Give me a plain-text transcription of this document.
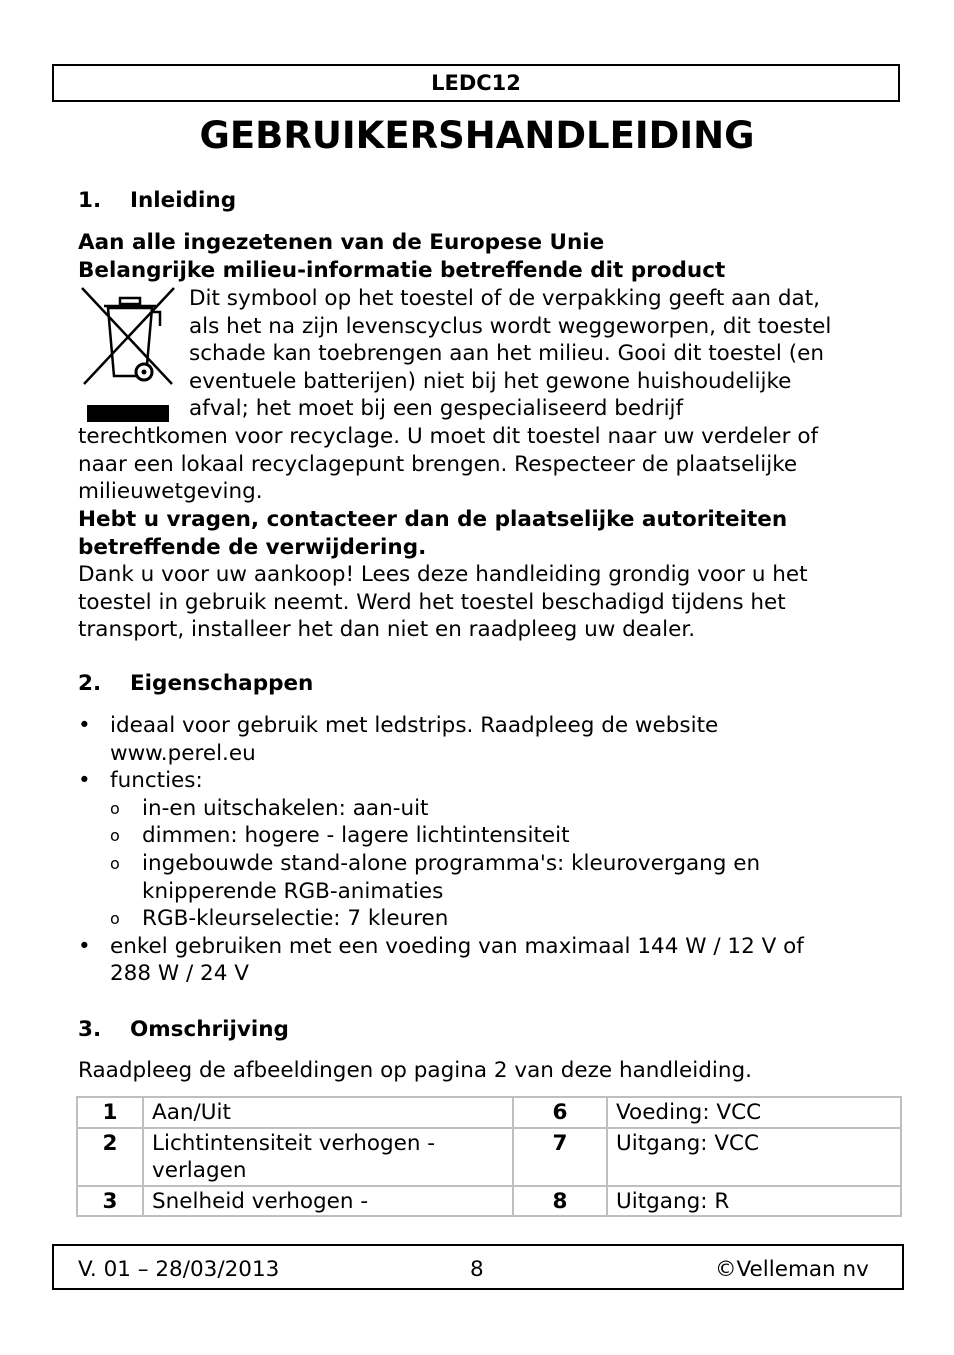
LEDC12
GEBRUIKERSHANDLEIDING
1. Inleiding
Aan alle ingezetenen van de Europese Unie
Belangrijke milieu-informatie betreffende dit product
Dit symbool op het toestel of de verpakking geeft aan dat,
als het na zijn levenscyclus wordt weggeworpen, dit toestel
schade kan toebrengen aan het milieu. Gooi dit toestel (en
eventuele batterijen) niet bij het gewone huishoudelijke
afval; het moet bij een gespecialiseerd bedrijf
terechtkomen voor recyclage. U moet dit toestel naar uw verdeler of
naar een lokaal recyclagepunt brengen. Respecteer de plaatselijke
milieuwetgeving.
Hebt u vragen, contacteer dan de plaatselijke autoriteiten
betreffende de verwijdering.
Dank u voor uw aankoop! Lees deze handleiding grondig voor u het
toestel in gebruik neemt. Werd het toestel beschadigd tijdens het
transport, installeer het dan niet en raadpleeg uw dealer.
2. Eigenschappen
• ideaal voor gebruik met ledstrips. Raadpleeg de website
www.perel.eu
• functies:
o	in-en uitschakelen: aan-uit
o	dimmen: hogere - lagere lichtintensiteit
o	ingebouwde stand-alone programma's: kleurovergang en
knipperende RGB-animaties
o	RGB-kleurselectie: 7 kleuren
• enkel gebruiken met een voeding van maximaal 144 W / 12 V of
288 W / 24 V
3. Omschrijving
Raadpleeg de afbeeldingen op pagina 2 van deze handleiding.
1	Aan/Uit	6	Voeding: VCC
2	Lichtintensiteit verhogen -
verlagen	7	Uitgang: VCC
3	Snelheid verhogen -	8	Uitgang: R
V. 01 – 28/03/2013	8	©Velleman nv
